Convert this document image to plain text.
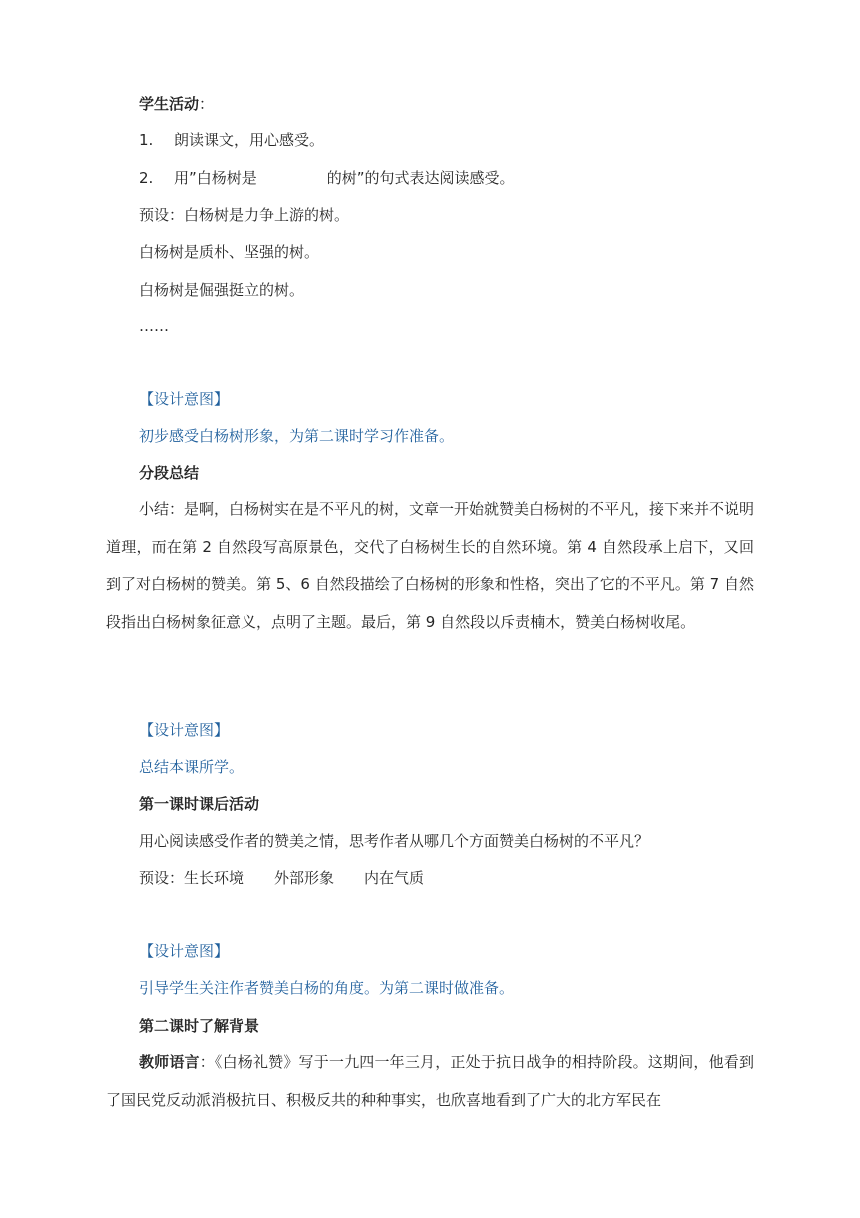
学生活动：
1. 朗读课文，用心感受。
2. 用”白杨树是	的树”的句式表达阅读感受。
预设：白杨树是力争上游的树。
白杨树是质朴、坚强的树。
白杨树是倔强挺立的树。
……
【设计意图】
初步感受白杨树形象，为第二课时学习作准备。
分段总结
小结：是啊，白杨树实在是不平凡的树，文章一开始就赞美白杨树的不平凡，接下来并不说明道理，而在第 2 自然段写高原景色，交代了白杨树生长的自然环境。第 4 自然段承上启下，又回到了对白杨树的赞美。第 5、6 自然段描绘了白杨树的形象和性格，突出了它的不平凡。第 7 自然段指出白杨树象征意义，点明了主题。最后，第 9 自然段以斥责楠木，赞美白杨树收尾。
【设计意图】
总结本课所学。
第一课时课后活动
用心阅读感受作者的赞美之情，思考作者从哪几个方面赞美白杨树的不平凡？
预设：生长环境 外部形象 内在气质
【设计意图】
引导学生关注作者赞美白杨的角度。为第二课时做准备。
第二课时了解背景
教师语言：《白杨礼赞》写于一九四一年三月，正处于抗日战争的相持阶段。这期间，他看到了国民党反动派消极抗日、积极反共的种种事实，也欣喜地看到了广大的北方军民在
